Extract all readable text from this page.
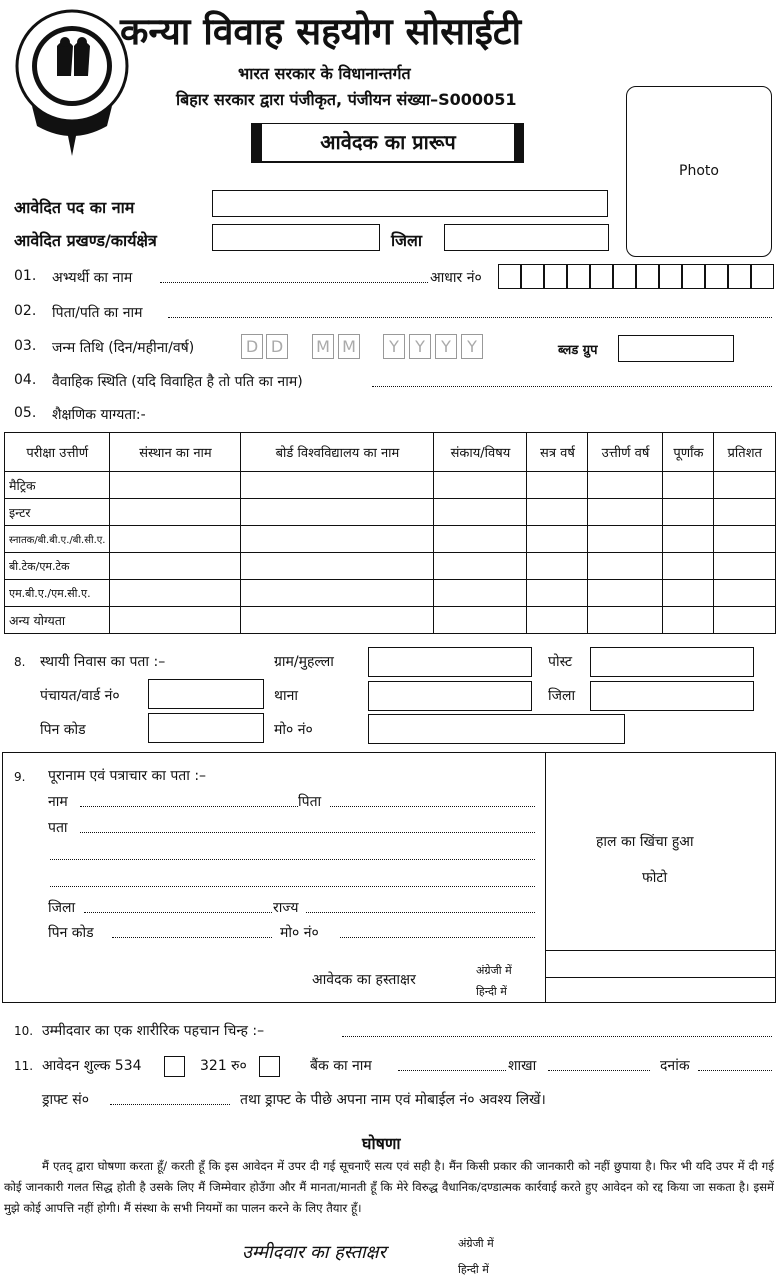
कन्या विवाह सहयोग सोसाईटी
भारत सरकार के विधानान्तर्गत
बिहार सरकार द्वारा पंजीकृत, पंजीयन संख्या–S000051
आवेदक का प्रारूप
Photo
आवेदित पद का नाम
आवेदित प्रखण्ड/कार्यक्षेत्र	जिला
01. अभ्यर्थी का नाम	आधार नं०
02. पिता/पति का नाम
03. जन्म तिथि (दिन/महीना/वर्ष)	D D	M M	Y	Y	Y	Y	ब्लड ग्रुप
04. वैवाहिक स्थिति (यदि विवाहित है तो पति का नाम)
05. शैक्षणिक याग्यता:-
परीक्षा उत्तीर्ण	संस्थान का नाम	बोर्ड विश्वविद्यालय का नाम	संकाय/विषय	सत्र वर्ष	उत्तीर्ण वर्ष	पूर्णांक	प्रतिशत
मैट्रिक							
इन्टर							
स्नातक/बी.बी.ए./बी.सी.ए.							
बी.टेक/एम.टेक							
एम.बी.ए./एम.सी.ए.							
अन्य योग्यता							
8. स्थायी निवास का पता :–	ग्राम/मुहल्ला	पोस्ट
पंचायत/वार्ड नं०	थाना	जिला
पिन कोड	मो० नं०
9. पूरानाम एवं पत्राचार का पता :–
नाम	पिता
पता
जिला	राज्य
पिन कोड	मो० नं०
हाल का खिंचा हुआ
फोटो
आवेदक का हस्ताक्षर
अंग्रेजी में
हिन्दी में
10. उम्मीदवार का एक शारीरिक पहचान चिन्ह :–
11. आवेदन शुल्क 534	321 रु०	बैंक का नाम	शाखा	दनांक
ड्राफ्ट सं०	तथा ड्राफ्ट के पीछे अपना नाम एवं मोबाईल नं० अवश्य लिखें।
घोषणा
मैं एतद् द्वारा घोषणा करता हूँ/ करती हूँ कि इस आवेदन में उपर दी गई सूचनाएँ सत्य एवं सही है। मैंन किसी प्रकार की जानकारी को नहीं छुपाया है। फिर भी यदि उपर में दी गई कोई जानकारी गलत सिद्ध होती है उसके लिए मैं जिम्मेवार होउँगा और मैं मानता/मानती हूँ कि मेरे विरुद्ध वैधानिक/दण्डात्मक कार्रवाई करते हुए आवेदन को रद्द किया जा सकता है। इसमें मुझे कोई आपत्ति नहीं होगी। मैं संस्था के सभी नियमों का पालन करने के लिए तैयार हूँ।
उम्मीदवार का हस्ताक्षर	अंग्रेजी में
हिन्दी में
